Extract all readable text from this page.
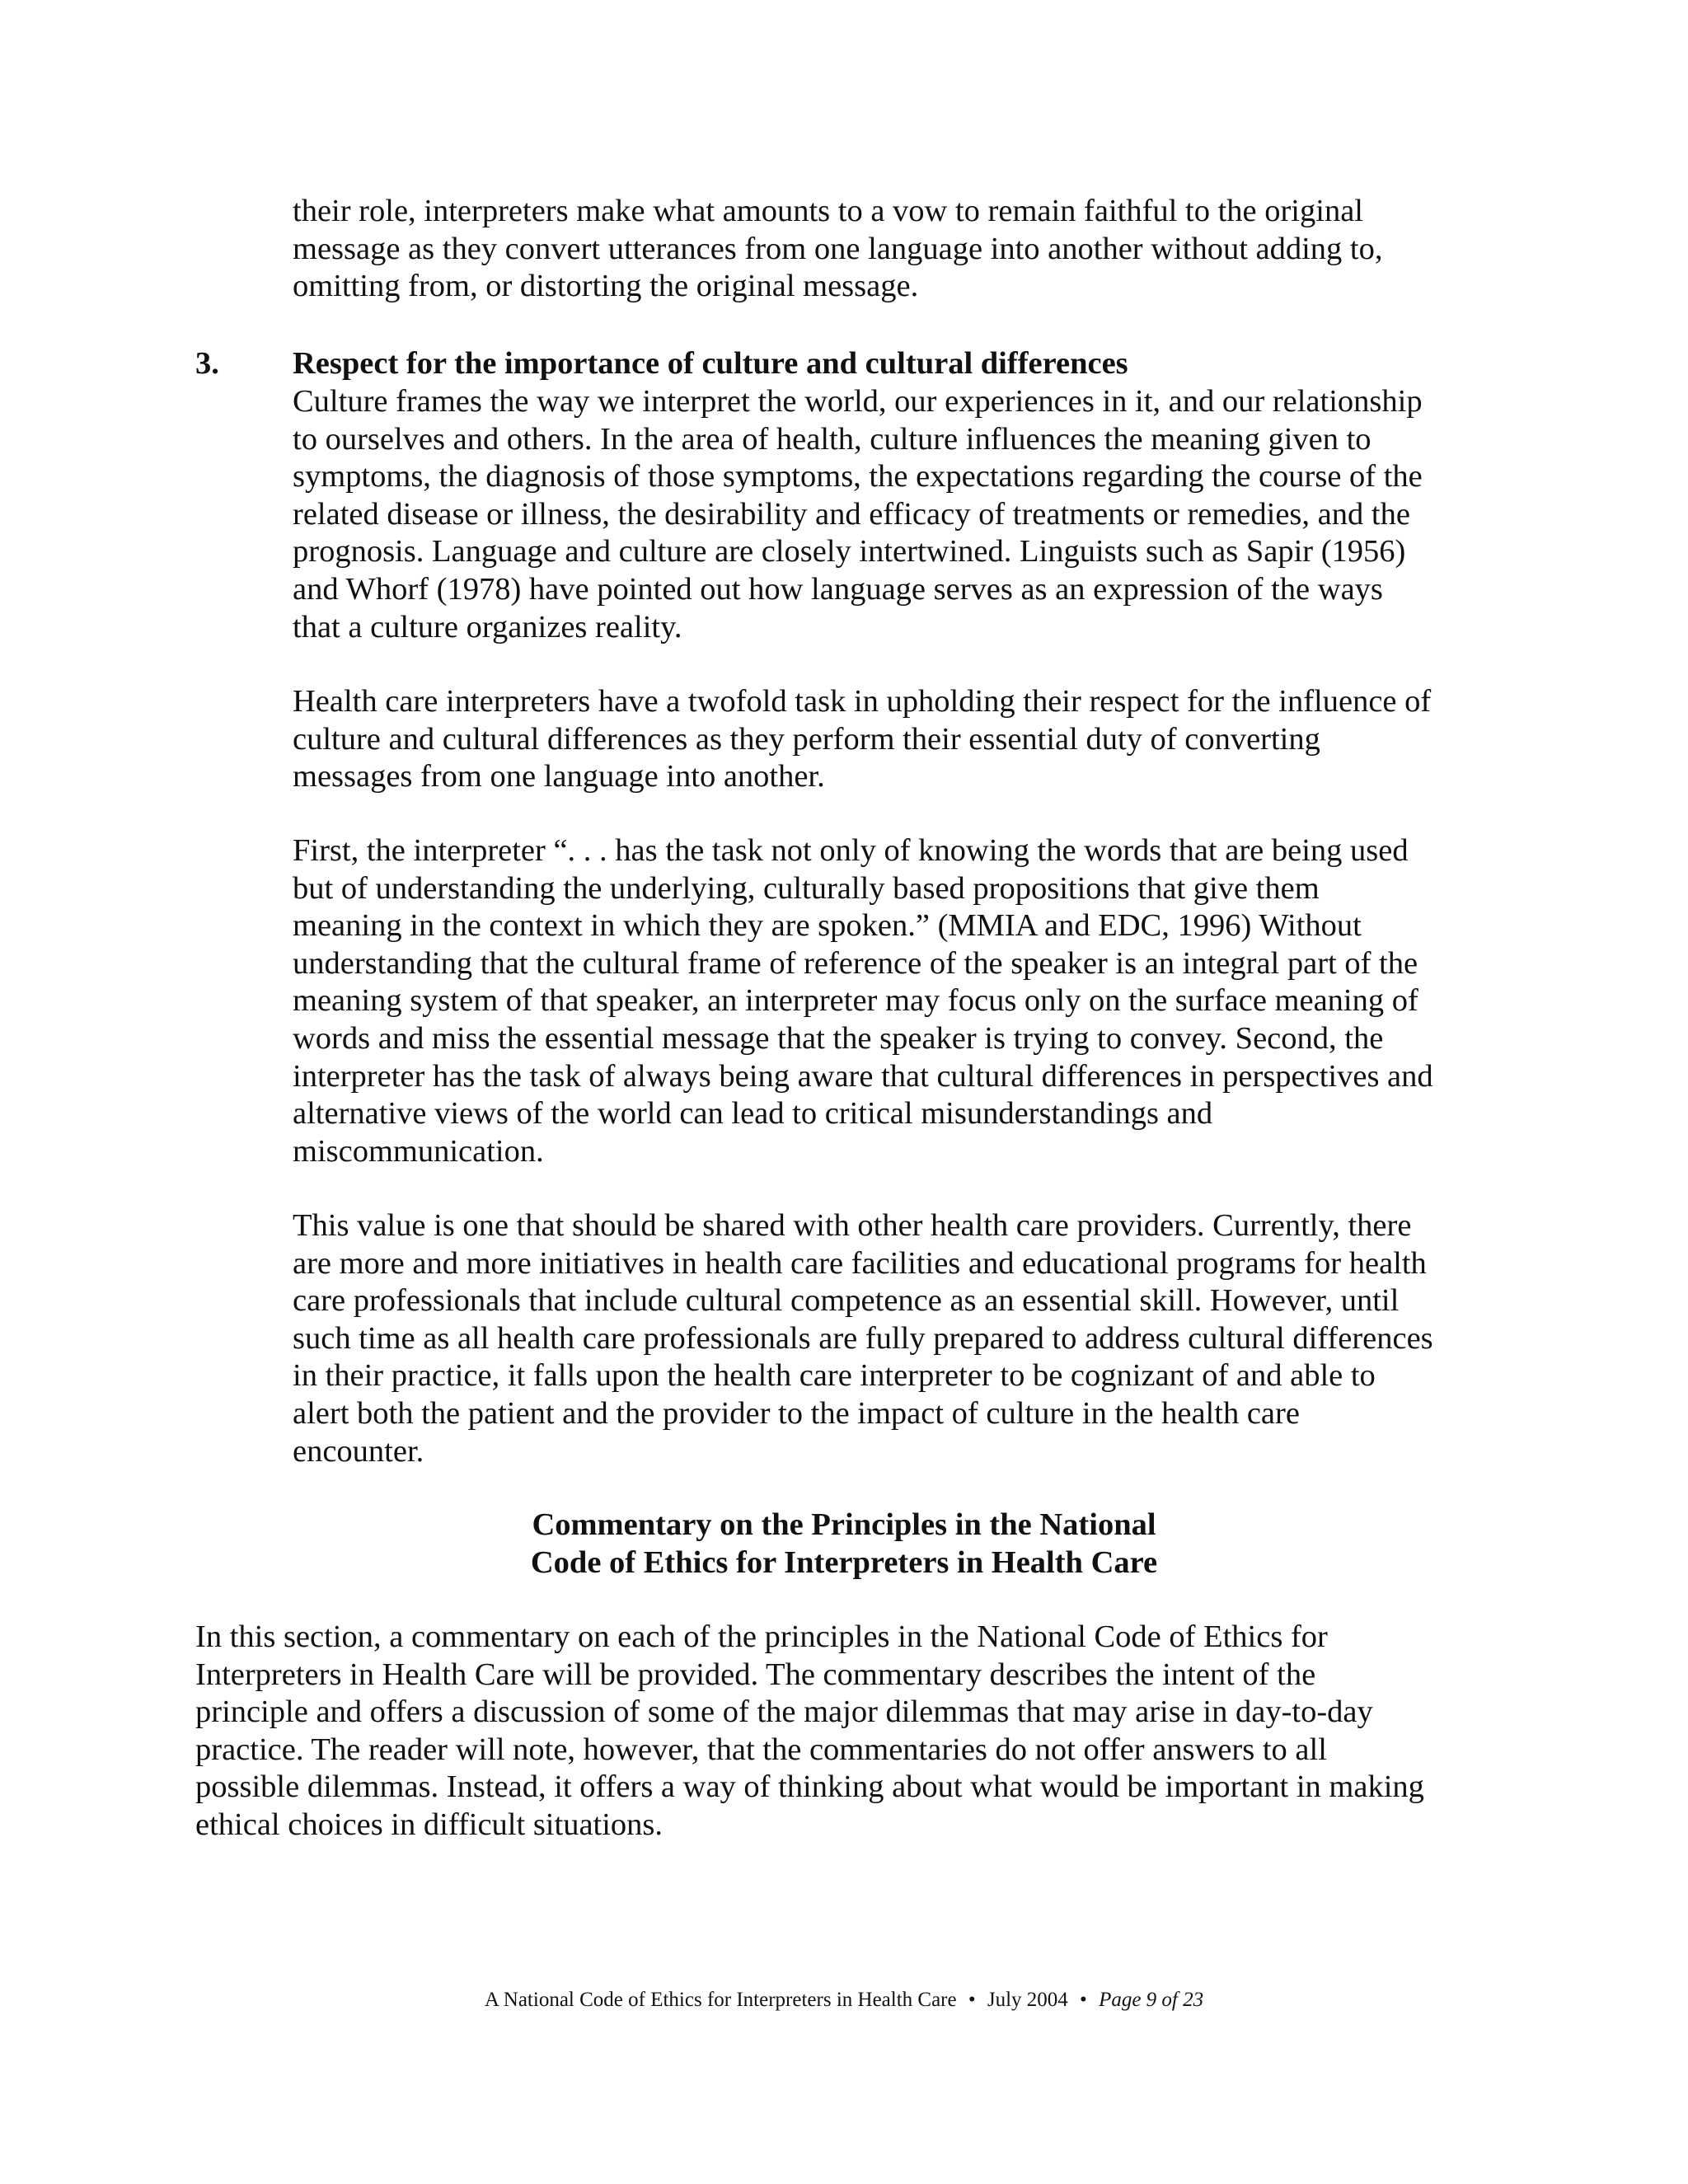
their role, interpreters make what amounts to a vow to remain faithful to the original
message as they convert utterances from one language into another without adding to,
omitting from, or distorting the original message.

3. Respect for the importance of culture and cultural differences

Culture frames the way we interpret the world, our experiences in it, and our relationship
to ourselves and others. In the area of health, culture influences the meaning given to
symptoms, the diagnosis of those symptoms, the expectations regarding the course of the
related disease or illness, the desirability and efficacy of treatments or remedies, and the
prognosis. Language and culture are closely intertwined. Linguists such as Sapir (1956)
and Whorf (1978) have pointed out how language serves as an expression of the ways
that a culture organizes reality.

Health care interpreters have a twofold task in upholding their respect for the influence of
culture and cultural differences as they perform their essential duty of converting
messages from one language into another.

First, the interpreter “. . . has the task not only of knowing the words that are being used
but of understanding the underlying, culturally based propositions that give them
meaning in the context in which they are spoken.” (MMIA and EDC, 1996) Without
understanding that the cultural frame of reference of the speaker is an integral part of the
meaning system of that speaker, an interpreter may focus only on the surface meaning of
words and miss the essential message that the speaker is trying to convey. Second, the
interpreter has the task of always being aware that cultural differences in perspectives and
alternative views of the world can lead to critical misunderstandings and
miscommunication.

This value is one that should be shared with other health care providers. Currently, there
are more and more initiatives in health care facilities and educational programs for health
care professionals that include cultural competence as an essential skill. However, until
such time as all health care professionals are fully prepared to address cultural differences
in their practice, it falls upon the health care interpreter to be cognizant of and able to
alert both the patient and the provider to the impact of culture in the health care
encounter.

Commentary on the Principles in the National
Code of Ethics for Interpreters in Health Care

In this section, a commentary on each of the principles in the National Code of Ethics for
Interpreters in Health Care will be provided. The commentary describes the intent of the
principle and offers a discussion of some of the major dilemmas that may arise in day-to-day
practice. The reader will note, however, that the commentaries do not offer answers to all
possible dilemmas. Instead, it offers a way of thinking about what would be important in making
ethical choices in difficult situations.

A National Code of Ethics for Interpreters in Health Care • July 2004 • Page 9 of 23
